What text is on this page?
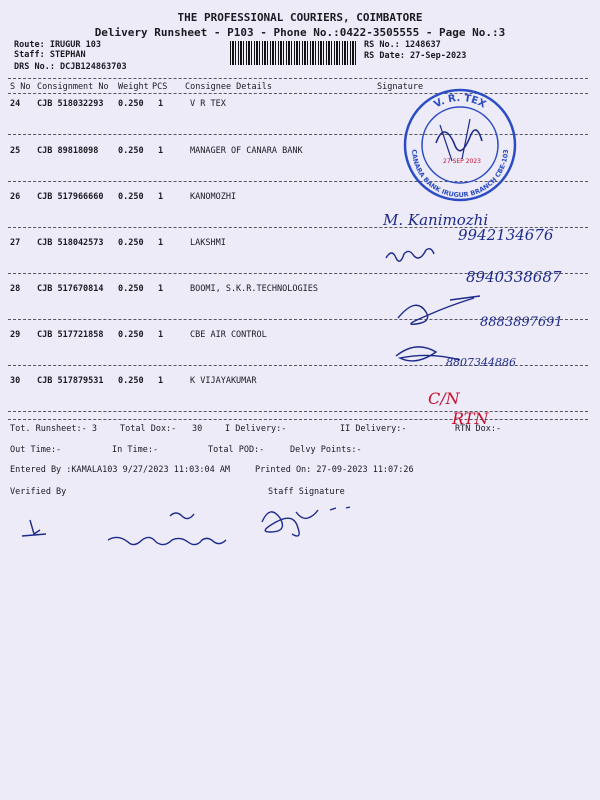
THE PROFESSIONAL COURIERS, COIMBATORE
Delivery Runsheet - P103 - Phone No.:0422-3505555 - Page No.:3
Route: IRUGUR 103
Staff: STEPHAN
DRS No.: DCJB124863703
RS No.: 1248637
RS Date: 27-Sep-2023
S No Consignment No Weight PCS Consignee Details	Signature
24 CJB 518032293 0.250 1	V R TEX
25 CJB 89818098 0.250 1	MANAGER OF CANARA BANK
26 CJB 517966660 0.250 1	KANOMOZHI
27 CJB 518042573 0.250 1	LAKSHMI
28 CJB 517670814 0.250 1	BOOMI, S.K.R.TECHNOLOGIES
29 CJB 517721858 0.250 1	CBE AIR CONTROL
30 CJB 517879531 0.250 1	K VIJAYAKUMAR
Tot. Runsheet:- 3	Total Dox:- 30	I Delivery:-	II Delivery:-	RTN Dox:-
Out Time:-	In Time:-	Total POD:-	Delvy Points:-
Entered By :KAMALA103 9/27/2023 11:03:04 AM	Printed On: 27-09-2023 11:07:26
Verified By	Staff Signature
V. R. TEX
CANARA BANK IRUGUR BRANCH CBE-103
27 SEP 2023
M. Kanimozhi
9942134676
8940338687
8883897691
8807344886
C/N
RTN
